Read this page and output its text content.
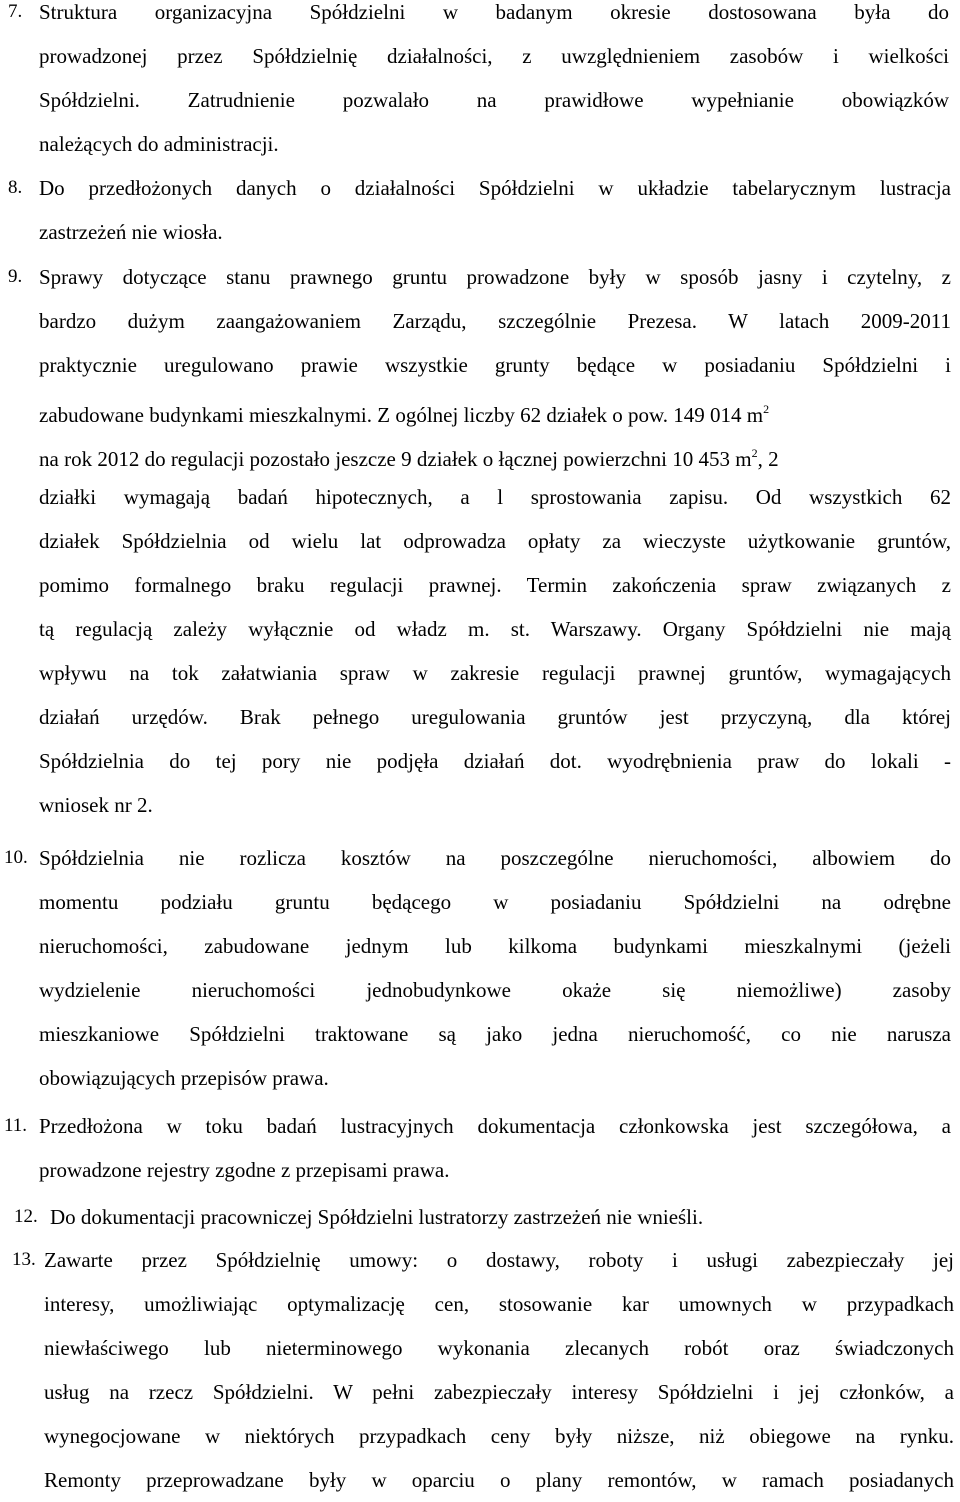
7. Struktura organizacyjna Spółdzielni w badanym okresie dostosowana była do
prowadzonej przez Spółdzielnię działalności, z uwzględnieniem zasobów i wielkości
Spółdzielni. Zatrudnienie pozwalało na prawidłowe wypełnianie obowiązków
należących do administracji.
8. Do przedłożonych danych o działalności Spółdzielni w układzie tabelarycznym lustracja
zastrzeżeń nie wiosła.
9. Sprawy dotyczące stanu prawnego gruntu prowadzone były w sposób jasny i czytelny, z
bardzo dużym zaangażowaniem Zarządu, szczególnie Prezesa. W latach 2009-2011
praktycznie uregulowano prawie wszystkie grunty będące w posiadaniu Spółdzielni i
zabudowane budynkami mieszkalnymi. Z ogólnej liczby 62 działek o pow. 149 014 $m^2$
na rok 2012 do regulacji pozostało jeszcze 9 działek o łącznej powierzchni 10 453 $m^2$, 2
działki wymagają badań hipotecznych, a l sprostowania zapisu. Od wszystkich 62
działek Spółdzielnia od wielu lat odprowadza opłaty za wieczyste użytkowanie gruntów,
pomimo formalnego braku regulacji prawnej. Termin zakończenia spraw związanych z
tą regulacją zależy wyłącznie od władz m. st. Warszawy. Organy Spółdzielni nie mają
wpływu na tok załatwiania spraw w zakresie regulacji prawnej gruntów, wymagających
działań urzędów. Brak pełnego uregulowania gruntów jest przyczyną, dla której
Spółdzielnia do tej pory nie podjęła działań dot. wyodrębnienia praw do lokali -
wniosek nr 2.
10. Spółdzielnia nie rozlicza kosztów na poszczególne nieruchomości, albowiem do
momentu podziału gruntu będącego w posiadaniu Spółdzielni na odrębne
nieruchomości, zabudowane jednym lub kilkoma budynkami mieszkalnymi (jeżeli
wydzielenie nieruchomości jednobudynkowe okaże się niemożliwe) zasoby
mieszkaniowe Spółdzielni traktowane są jako jedna nieruchomość, co nie narusza
obowiązujących przepisów prawa.
11. Przedłożona w toku badań lustracyjnych dokumentacja członkowska jest szczegółowa, a
prowadzone rejestry zgodne z przepisami prawa.
12. Do dokumentacji pracowniczej Spółdzielni lustratorzy zastrzeżeń nie wnieśli.
13. Zawarte przez Spółdzielnię umowy: o dostawy, roboty i usługi zabezpieczały jej
interesy, umożliwiając optymalizację cen, stosowanie kar umownych w przypadkach
niewłaściwego lub nieterminowego wykonania zlecanych robót oraz świadczonych
usług na rzecz Spółdzielni. W pełni zabezpieczały interesy Spółdzielni i jej członków, a
wynegocjowane w niektórych przypadkach ceny były niższe, niż obiegowe na rynku.
Remonty przeprowadzane były w oparciu o plany remontów, w ramach posiadanych
